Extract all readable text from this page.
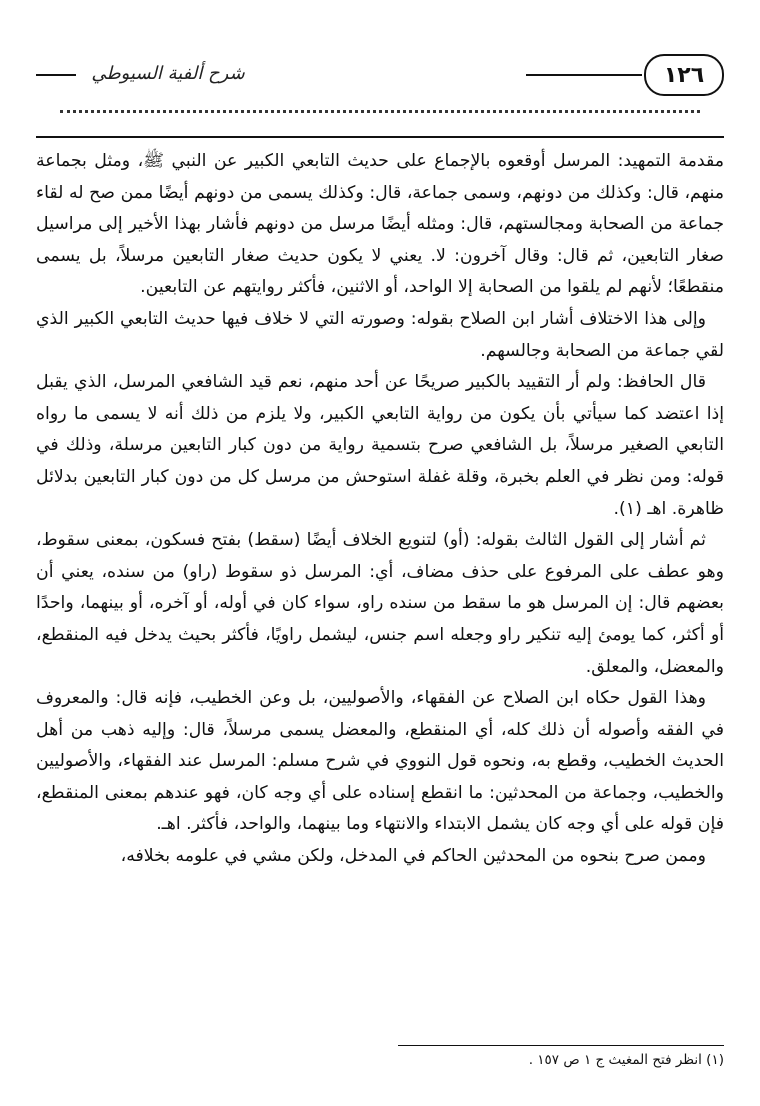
شرح ألفية السيوطي	١٢٦

مقدمة التمهيد: المرسل أوقعوه بالإجماع على حديث التابعي الكبير عن النبي ﷺ، ومثل بجماعة منهم، قال: وكذلك من دونهم، وسمى جماعة، قال: وكذلك يسمى من دونهم أيضًا ممن صح له لقاء جماعة من الصحابة ومجالستهم، قال: ومثله أيضًا مرسل من دونهم فأشار بهذا الأخير إلى مراسيل صغار التابعين، ثم قال: وقال آخرون: لا. يعني لا يكون حديث صغار التابعين مرسلاً، بل يسمى منقطعًا؛ لأنهم لم يلقوا من الصحابة إلا الواحد، أو الاثنين، فأكثر روايتهم عن التابعين.

وإلى هذا الاختلاف أشار ابن الصلاح بقوله: وصورته التي لا خلاف فيها حديث التابعي الكبير الذي لقي جماعة من الصحابة وجالسهم.

قال الحافظ: ولم أر التقييد بالكبير صريحًا عن أحد منهم، نعم قيد الشافعي المرسل، الذي يقبل إذا اعتضد كما سيأتي بأن يكون من رواية التابعي الكبير، ولا يلزم من ذلك أنه لا يسمى ما رواه التابعي الصغير مرسلاً، بل الشافعي صرح بتسمية رواية من دون كبار التابعين مرسلة، وذلك في قوله: ومن نظر في العلم بخبرة، وقلة غفلة استوحش من مرسل كل من دون كبار التابعين بدلائل ظاهرة. اهـ (١).

ثم أشار إلى القول الثالث بقوله: (أو) لتنويع الخلاف أيضًا (سقط) بفتح فسكون، بمعنى سقوط، وهو عطف على المرفوع على حذف مضاف، أي: المرسل ذو سقوط (راو) من سنده، يعني أن بعضهم قال: إن المرسل هو ما سقط من سنده راو، سواء كان في أوله، أو آخره، أو بينهما، واحدًا أو أكثر، كما يومئ إليه تنكير راو وجعله اسم جنس، ليشمل راويًا، فأكثر بحيث يدخل فيه المنقطع، والمعضل، والمعلق.

وهذا القول حكاه ابن الصلاح عن الفقهاء، والأصوليين، بل وعن الخطيب، فإنه قال: والمعروف في الفقه وأصوله أن ذلك كله، أي المنقطع، والمعضل يسمى مرسلاً، قال: وإليه ذهب من أهل الحديث الخطيب، وقطع به، ونحوه قول النووي في شرح مسلم: المرسل عند الفقهاء، والأصوليين والخطيب، وجماعة من المحدثين: ما انقطع إسناده على أي وجه كان، فهو عندهم بمعنى المنقطع، فإن قوله على أي وجه كان يشمل الابتداء والانتهاء وما بينهما، والواحد، فأكثر. اهـ.

وممن صرح بنحوه من المحدثين الحاكم في المدخل، ولكن مشي في علومه بخلافه،

(١) انظر فتح المغيث ج ١ ص ١٥٧ .
